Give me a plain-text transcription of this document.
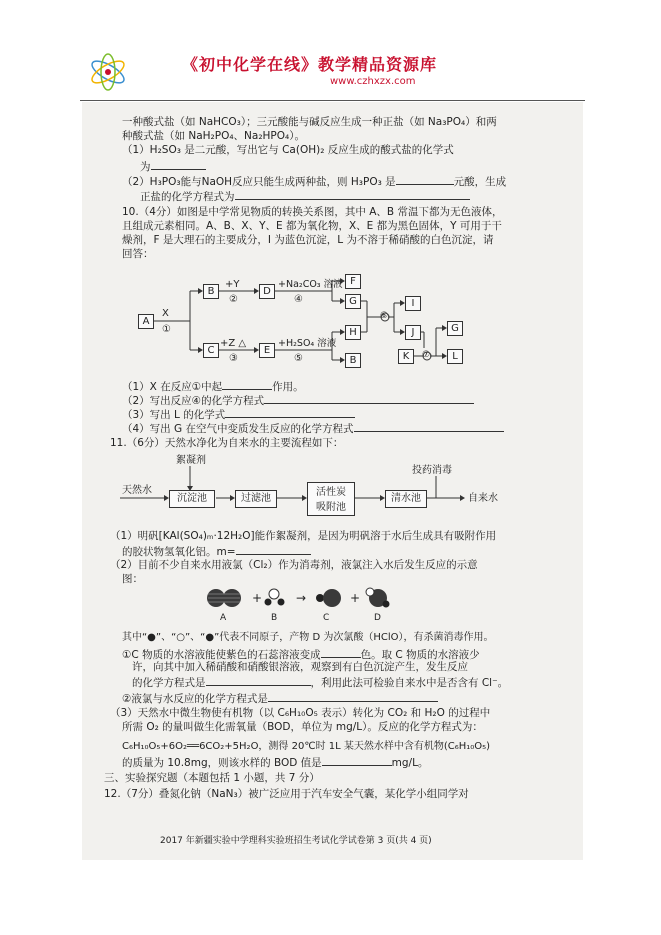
《初中化学在线》教学精品资源库
www.czhxzx.com
一种酸式盐（如 NaHCO₃）；三元酸能与碱反应生成一种正盐（如 Na₃PO₄）和两
种酸式盐（如 NaH₂PO₄、Na₂HPO₄）。
（1）H₂SO₃ 是二元酸，写出它与 Ca(OH)₂ 反应生成的酸式盐的化学式
为
（2）H₃PO₃能与NaOH反应只能生成两种盐，则 H₃PO₃ 是	元酸，生成
正盐的化学方程式为
10.（4分）如图是中学常见物质的转换关系图，其中 A、B 常温下都为无色液体，
且组成元素相同。A、B、X、Y、E 都为氧化物，X、E 都为黑色固体，Y 可用于干
燥剂，F 是大理石的主要成分，I 为蓝色沉淀，L 为不溶于稀硝酸的白色沉淀，请
回答：
A
B
C
D
E
F
G
H
B
I
J
K
G
L
X
①
+Y
②
+Na₂CO₃ 溶液
④
+Z △
③
+H₂SO₄ 溶液
⑤
⑥
⑦
（1）X 在反应①中起	作用。
（2）写出反应④的化学方程式
（3）写出 L 的化学式
（4）写出 G 在空气中变质发生反应的化学方程式
11.（6分）天然水净化为自来水的主要流程如下：
絮凝剂
投药消毒
天然水
沉淀池	过滤池
活性炭吸附池
清水池	自来水
（1）明矾[KAl(SO₄)ₘ·12H₂O]能作絮凝剂，是因为明矾溶于水后生成具有吸附作用
的胶状物氢氧化铝。m=
（2）目前不少自来水用液氯（Cl₂）作为消毒剂，液氯注入水后发生反应的示意
图：
+	→	+
A	B	C	D
其中“●”、“○”、“●”代表不同原子，产物 D 为次氯酸（HClO），有杀菌消毒作用。
①C 物质的水溶液能使紫色的石蕊溶液变成	色。取 C 物质的水溶液少
许，向其中加入稀硝酸和硝酸银溶液，观察到有白色沉淀产生，发生反应
的化学方程式是	，利用此法可检验自来水中是否含有 Cl⁻。
②液氯与水反应的化学方程式是
（3）天然水中微生物使有机物（以 C₆H₁₀O₅ 表示）转化为 CO₂ 和 H₂O 的过程中
所需 O₂ 的量叫做生化需氧量（BOD，单位为 mg/L）。反应的化学方程式为：
C₆H₁₀O₅+6O₂══6CO₂+5H₂O，测得 20℃时 1L 某天然水样中含有机物(C₆H₁₀O₅)
的质量为 10.8mg，则该水样的 BOD 值是	mg/L。
三、实验探究题（本题包括 1 小题，共 7 分）
12.（7分）叠氮化钠（NaN₃）被广泛应用于汽车安全气囊，某化学小组同学对
2017 年新疆实验中学理科实验班招生考试化学试卷第 3 页(共 4 页)
